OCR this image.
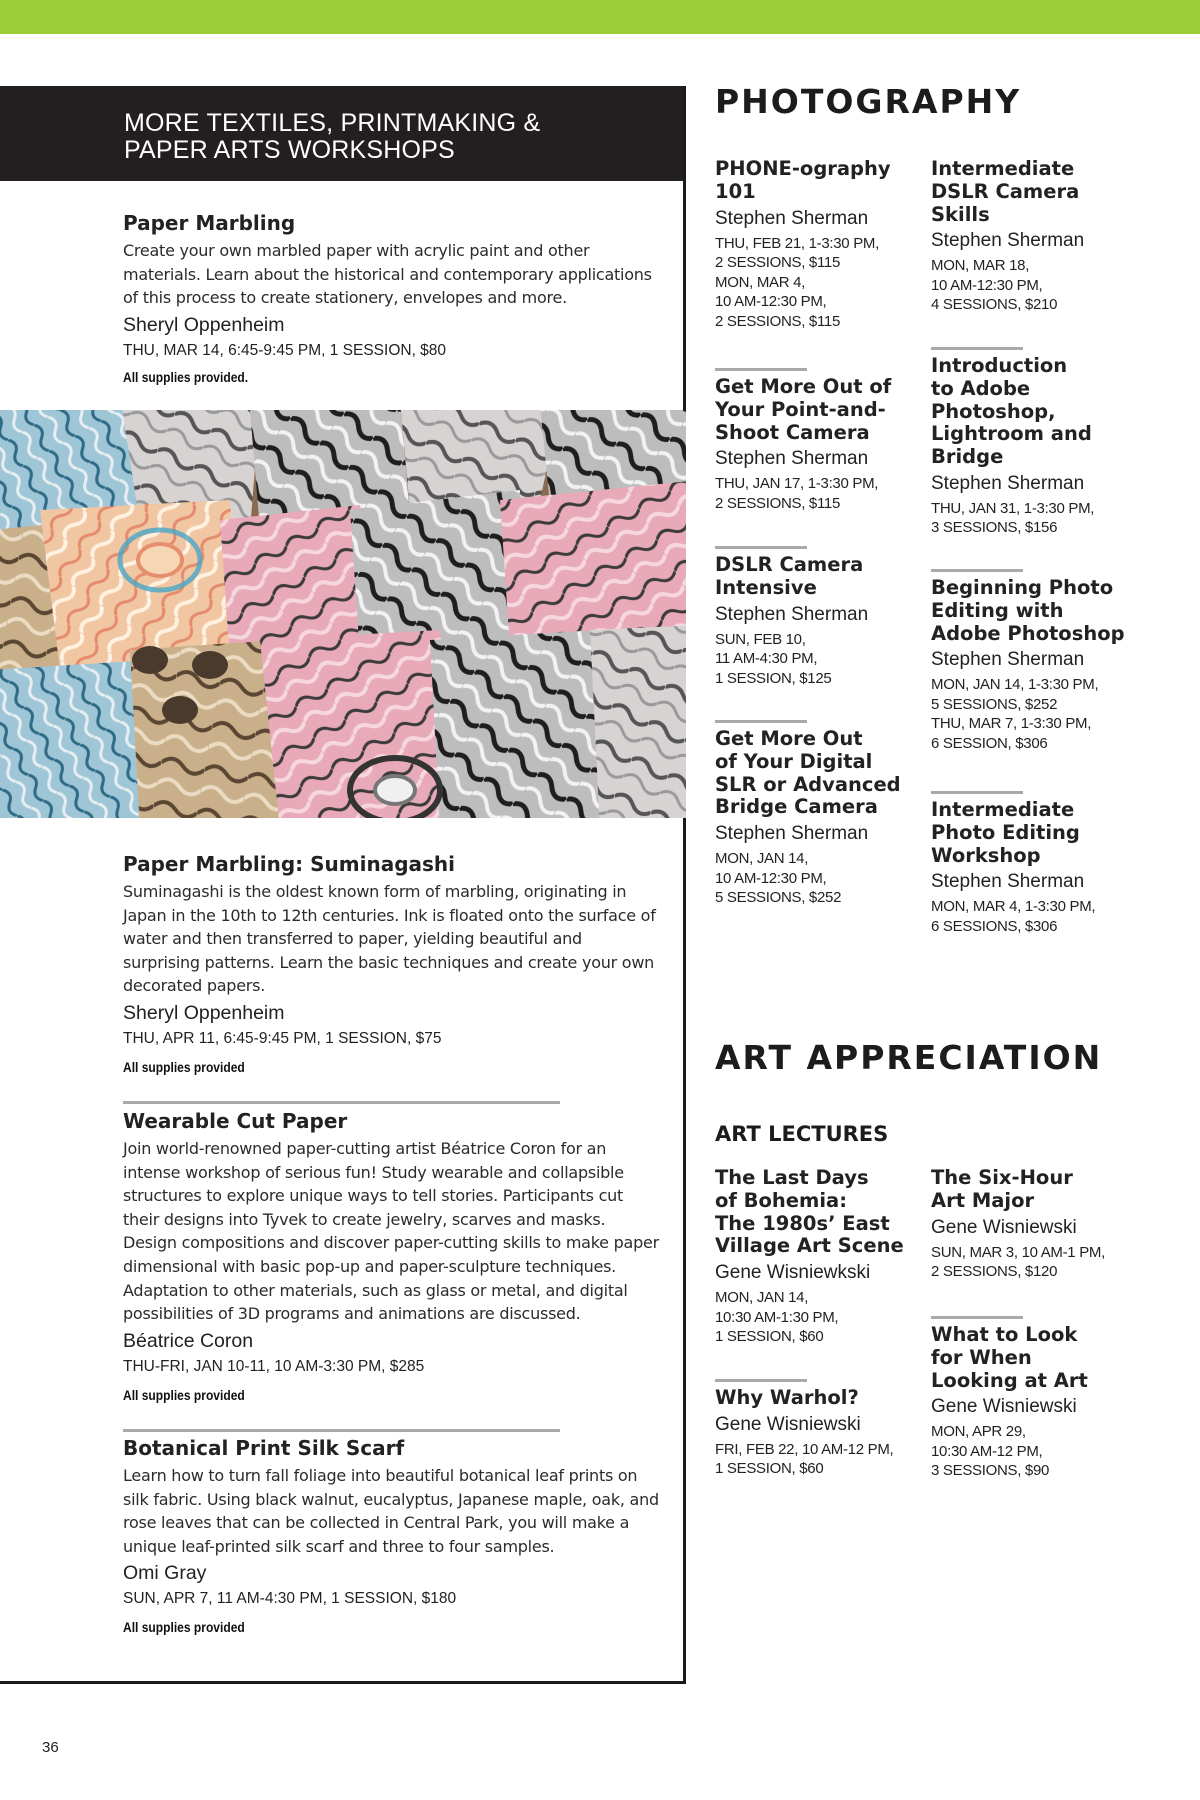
MORE TEXTILES, PRINTMAKING &
PAPER ARTS WORKSHOPS
Paper Marbling
Create your own marbled paper with acrylic paint and other materials. Learn about the historical and contemporary applications of this process to create stationery, envelopes and more.
Sheryl Oppenheim
THU, MAR 14, 6:45-9:45 PM, 1 SESSION, $80
All supplies provided.
Paper Marbling: Suminagashi
Suminagashi is the oldest known form of marbling, originating in Japan in the 10th to 12th centuries. Ink is floated onto the surface of water and then transferred to paper, yielding beautiful and surprising patterns. Learn the basic techniques and create your own decorated papers.
Sheryl Oppenheim
THU, APR 11, 6:45-9:45 PM, 1 SESSION, $75
All supplies provided
Wearable Cut Paper
Join world-renowned paper-cutting artist Béatrice Coron for an intense workshop of serious fun! Study wearable and collapsible structures to explore unique ways to tell stories. Participants cut their designs into Tyvek to create jewelry, scarves and masks. Design compositions and discover paper-cutting skills to make paper dimensional with basic pop-up and paper-sculpture techniques. Adaptation to other materials, such as glass or metal, and digital possibilities of 3D programs and animations are discussed.
Béatrice Coron
THU-FRI, JAN 10-11, 10 AM-3:30 PM, $285
All supplies provided
Botanical Print Silk Scarf
Learn how to turn fall foliage into beautiful botanical leaf prints on silk fabric. Using black walnut, eucalyptus, Japanese maple, oak, and rose leaves that can be collected in Central Park, you will make a unique leaf-printed silk scarf and three to four samples.
Omi Gray
SUN, APR 7, 11 AM-4:30 PM, 1 SESSION, $180
All supplies provided
PHOTOGRAPHY
PHONE-ography
101
Stephen Sherman
THU, FEB 21, 1-3:30 PM,
2 SESSIONS, $115
MON, MAR 4,
10 AM-12:30 PM,
2 SESSIONS, $115
Get More Out of
Your Point-and-
Shoot Camera
Stephen Sherman
THU, JAN 17, 1-3:30 PM,
2 SESSIONS, $115
DSLR Camera
Intensive
Stephen Sherman
SUN, FEB 10,
11 AM-4:30 PM,
1 SESSION, $125
Get More Out
of Your Digital
SLR or Advanced
Bridge Camera
Stephen Sherman
MON, JAN 14,
10 AM-12:30 PM,
5 SESSIONS, $252
Intermediate
DSLR Camera
Skills
Stephen Sherman
MON, MAR 18,
10 AM-12:30 PM,
4 SESSIONS, $210
Introduction
to Adobe
Photoshop,
Lightroom and
Bridge
Stephen Sherman
THU, JAN 31, 1-3:30 PM,
3 SESSIONS, $156
Beginning Photo
Editing with
Adobe Photoshop
Stephen Sherman
MON, JAN 14, 1-3:30 PM,
5 SESSIONS, $252
THU, MAR 7, 1-3:30 PM,
6 SESSION, $306
Intermediate
Photo Editing
Workshop
Stephen Sherman
MON, MAR 4, 1-3:30 PM,
6 SESSIONS, $306
ART APPRECIATION
ART LECTURES
The Last Days
of Bohemia:
The 1980s’ East
Village Art Scene
Gene Wisniewkski
MON, JAN 14,
10:30 AM-1:30 PM,
1 SESSION, $60
Why Warhol?
Gene Wisniewski
FRI, FEB 22, 10 AM-12 PM,
1 SESSION, $60
The Six-Hour
Art Major
Gene Wisniewski
SUN, MAR 3, 10 AM-1 PM,
2 SESSIONS, $120
What to Look
for When
Looking at Art
Gene Wisniewski
MON, APR 29,
10:30 AM-12 PM,
3 SESSIONS, $90
36
